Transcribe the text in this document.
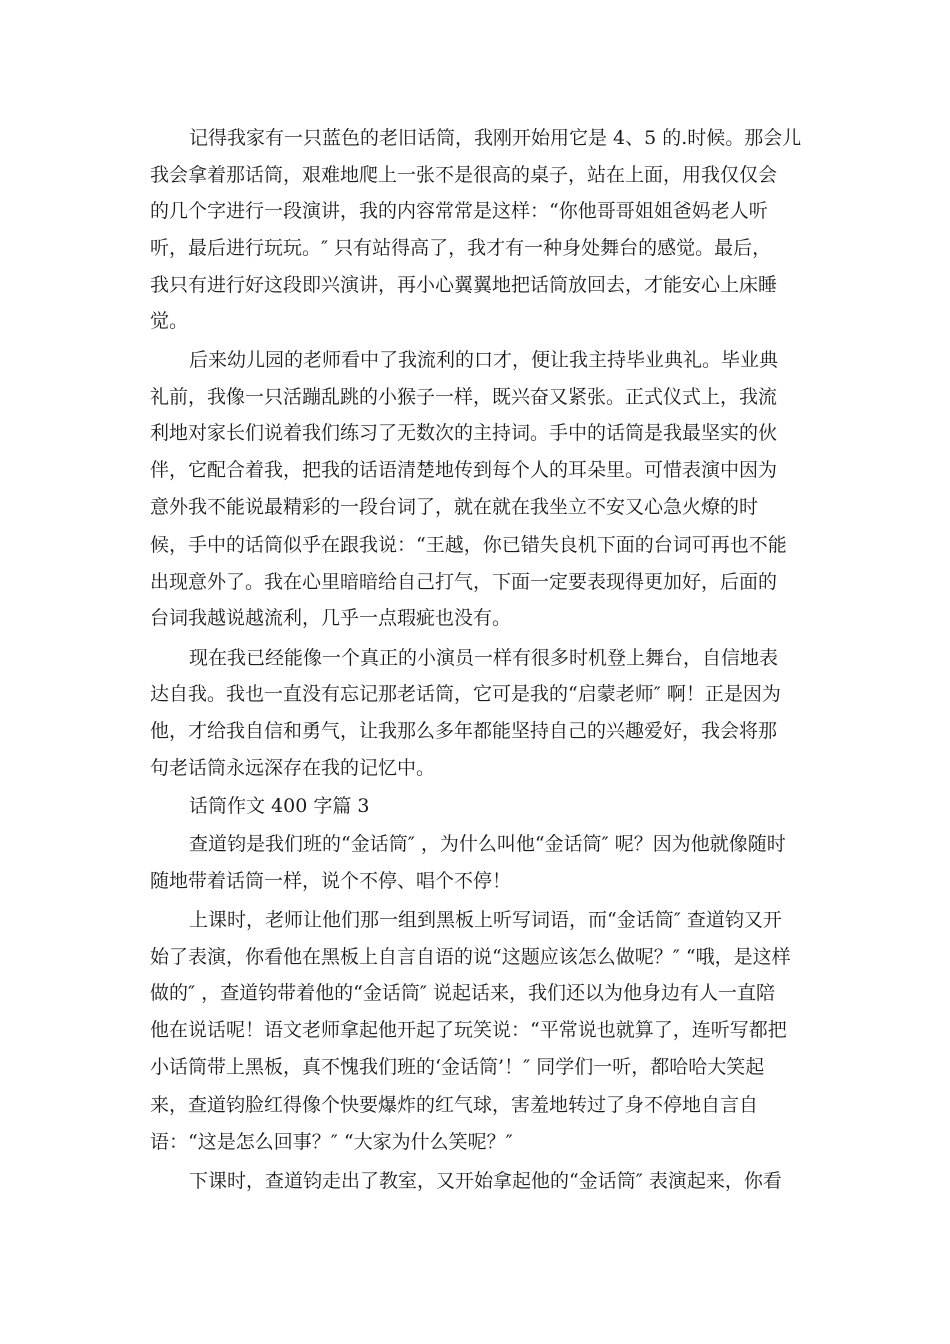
记得我家有一只蓝色的老旧话筒，我刚开始用它是 4、5 的.时候。那会儿
我会拿着那话筒，艰难地爬上一张不是很高的桌子，站在上面，用我仅仅会
的几个字进行一段演讲，我的内容常常是这样：“你他哥哥姐姐爸妈老人听
听，最后进行玩玩。″ 只有站得高了，我才有一种身处舞台的感觉。最后，
我只有进行好这段即兴演讲，再小心翼翼地把话筒放回去，才能安心上床睡
觉。
后来幼儿园的老师看中了我流利的口才，便让我主持毕业典礼。毕业典
礼前，我像一只活蹦乱跳的小猴子一样，既兴奋又紧张。正式仪式上，我流
利地对家长们说着我们练习了无数次的主持词。手中的话筒是我最坚实的伙
伴，它配合着我，把我的话语清楚地传到每个人的耳朵里。可惜表演中因为
意外我不能说最精彩的一段台词了，就在就在我坐立不安又心急火燎的时
候，手中的话筒似乎在跟我说：“王越，你已错失良机下面的台词可再也不能
出现意外了。我在心里暗暗给自己打气，下面一定要表现得更加好，后面的
台词我越说越流利，几乎一点瑕疵也没有。
现在我已经能像一个真正的小演员一样有很多时机登上舞台，自信地表
达自我。我也一直没有忘记那老话筒，它可是我的“启蒙老师″ 啊！正是因为
他，才给我自信和勇气，让我那么多年都能坚持自己的兴趣爱好，我会将那
句老话筒永远深存在我的记忆中。
话筒作文 400 字篇 3
查道钧是我们班的“金话筒″ ，为什么叫他“金话筒″ 呢？因为他就像随时
随地带着话筒一样，说个不停、唱个不停！
上课时，老师让他们那一组到黑板上听写词语，而“金话筒″ 查道钧又开
始了表演，你看他在黑板上自言自语的说“这题应该怎么做呢？″ “哦，是这样
做的″ ，查道钧带着他的“金话筒″ 说起话来，我们还以为他身边有人一直陪
他在说话呢！语文老师拿起他开起了玩笑说：“平常说也就算了，连听写都把
小话筒带上黑板，真不愧我们班的‘金话筒’！″ 同学们一听，都哈哈大笑起
来，查道钧脸红得像个快要爆炸的红气球，害羞地转过了身不停地自言自
语：“这是怎么回事？″ “大家为什么笑呢？″
下课时，查道钧走出了教室，又开始拿起他的“金话筒″ 表演起来，你看
